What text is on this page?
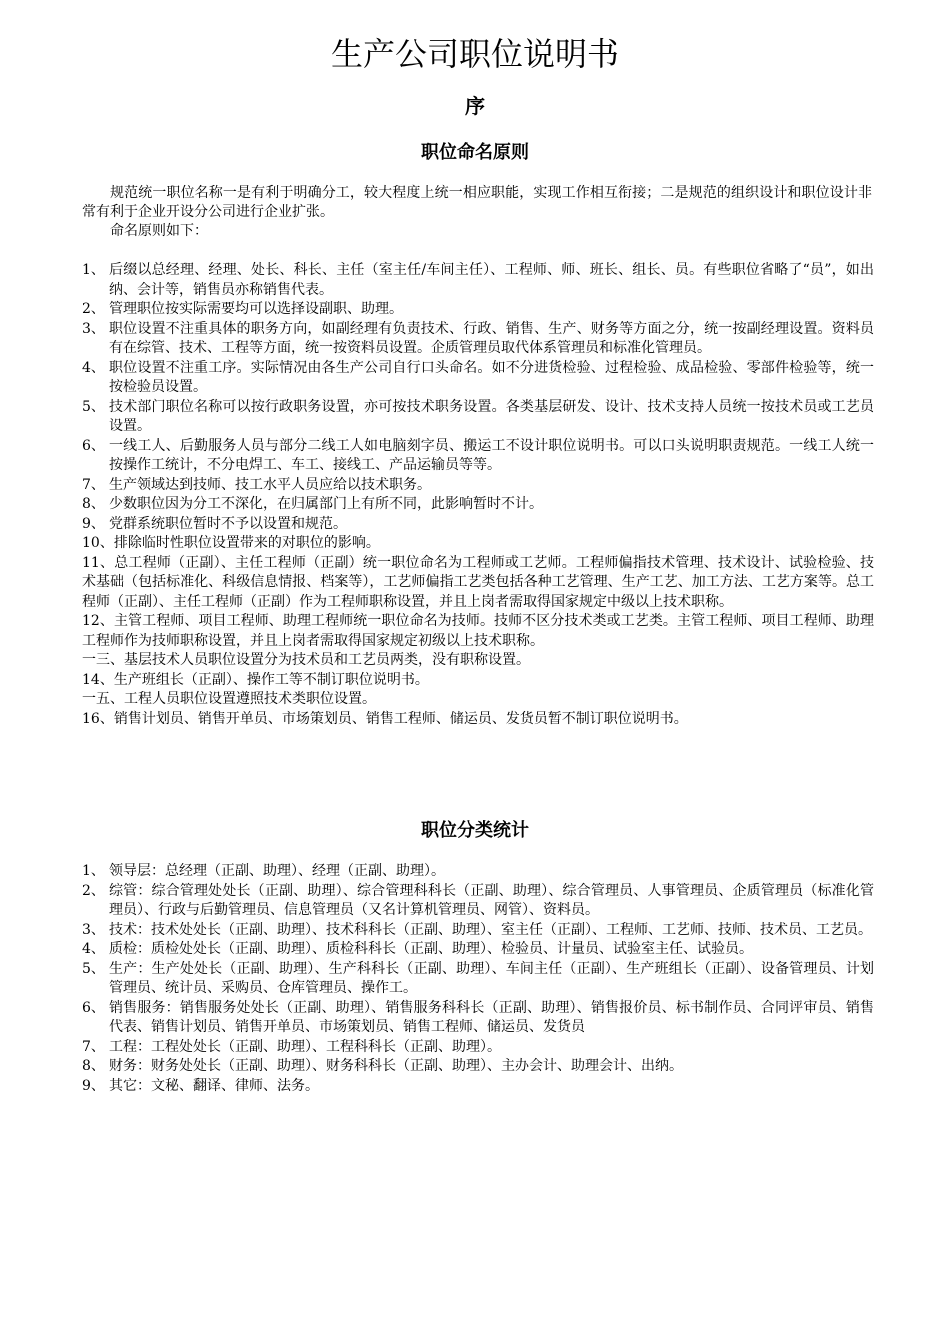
生产公司职位说明书
序
职位命名原则
规范统一职位名称一是有利于明确分工，较大程度上统一相应职能，实现工作相互衔接；二是规范的组织设计和职位设计非常有利于企业开设分公司进行企业扩张。
命名原则如下：
1、 后缀以总经理、经理、处长、科长、主任（室主任/车间主任）、工程师、师、班长、组长、员。有些职位省略了“员”，如出纳、会计等，销售员亦称销售代表。
2、 管理职位按实际需要均可以选择设副职、助理。
3、 职位设置不注重具体的职务方向，如副经理有负责技术、行政、销售、生产、财务等方面之分，统一按副经理设置。资料员有在综管、技术、工程等方面，统一按资料员设置。企质管理员取代体系管理员和标准化管理员。
4、 职位设置不注重工序。实际情况由各生产公司自行口头命名。如不分进货检验、过程检验、成品检验、零部件检验等，统一按检验员设置。
5、 技术部门职位名称可以按行政职务设置，亦可按技术职务设置。各类基层研发、设计、技术支持人员统一按技术员或工艺员设置。
6、 一线工人、后勤服务人员与部分二线工人如电脑刻字员、搬运工不设计职位说明书。可以口头说明职责规范。一线工人统一按操作工统计，不分电焊工、车工、接线工、产品运输员等等。
7、 生产领域达到技师、技工水平人员应给以技术职务。
8、 少数职位因为分工不深化，在归属部门上有所不同，此影响暂时不计。
9、 党群系统职位暂时不予以设置和规范。
10、排除临时性职位设置带来的对职位的影响。
11、总工程师（正副）、主任工程师（正副）统一职位命名为工程师或工艺师。工程师偏指技术管理、技术设计、试验检验、技术基础（包括标准化、科级信息情报、档案等），工艺师偏指工艺类包括各种工艺管理、生产工艺、加工方法、工艺方案等。总工程师（正副）、主任工程师（正副）作为工程师职称设置，并且上岗者需取得国家规定中级以上技术职称。
12、主管工程师、项目工程师、助理工程师统一职位命名为技师。技师不区分技术类或工艺类。主管工程师、项目工程师、助理工程师作为技师职称设置，并且上岗者需取得国家规定初级以上技术职称。
一三、基层技术人员职位设置分为技术员和工艺员两类，没有职称设置。
14、生产班组长（正副）、操作工等不制订职位说明书。
一五、工程人员职位设置遵照技术类职位设置。
16、销售计划员、销售开单员、市场策划员、销售工程师、储运员、发货员暂不制订职位说明书。
职位分类统计
1、 领导层：总经理（正副、助理）、经理（正副、助理）。
2、 综管：综合管理处处长（正副、助理）、综合管理科科长（正副、助理）、综合管理员、人事管理员、企质管理员（标准化管理员）、行政与后勤管理员、信息管理员（又名计算机管理员、网管）、资料员。
3、 技术：技术处处长（正副、助理）、技术科科长（正副、助理）、室主任（正副）、工程师、工艺师、技师、技术员、工艺员。
4、 质检：质检处处长（正副、助理）、质检科科长（正副、助理）、检验员、计量员、试验室主任、试验员。
5、 生产：生产处处长（正副、助理）、生产科科长（正副、助理）、车间主任（正副）、生产班组长（正副）、设备管理员、计划管理员、统计员、采购员、仓库管理员、操作工。
6、 销售服务：销售服务处处长（正副、助理）、销售服务科科长（正副、助理）、销售报价员、标书制作员、合同评审员、销售代表、销售计划员、销售开单员、市场策划员、销售工程师、储运员、发货员
7、 工程：工程处处长（正副、助理）、工程科科长（正副、助理）。
8、 财务：财务处处长（正副、助理）、财务科科长（正副、助理）、主办会计、助理会计、出纳。
9、 其它：文秘、翻译、律师、法务。
